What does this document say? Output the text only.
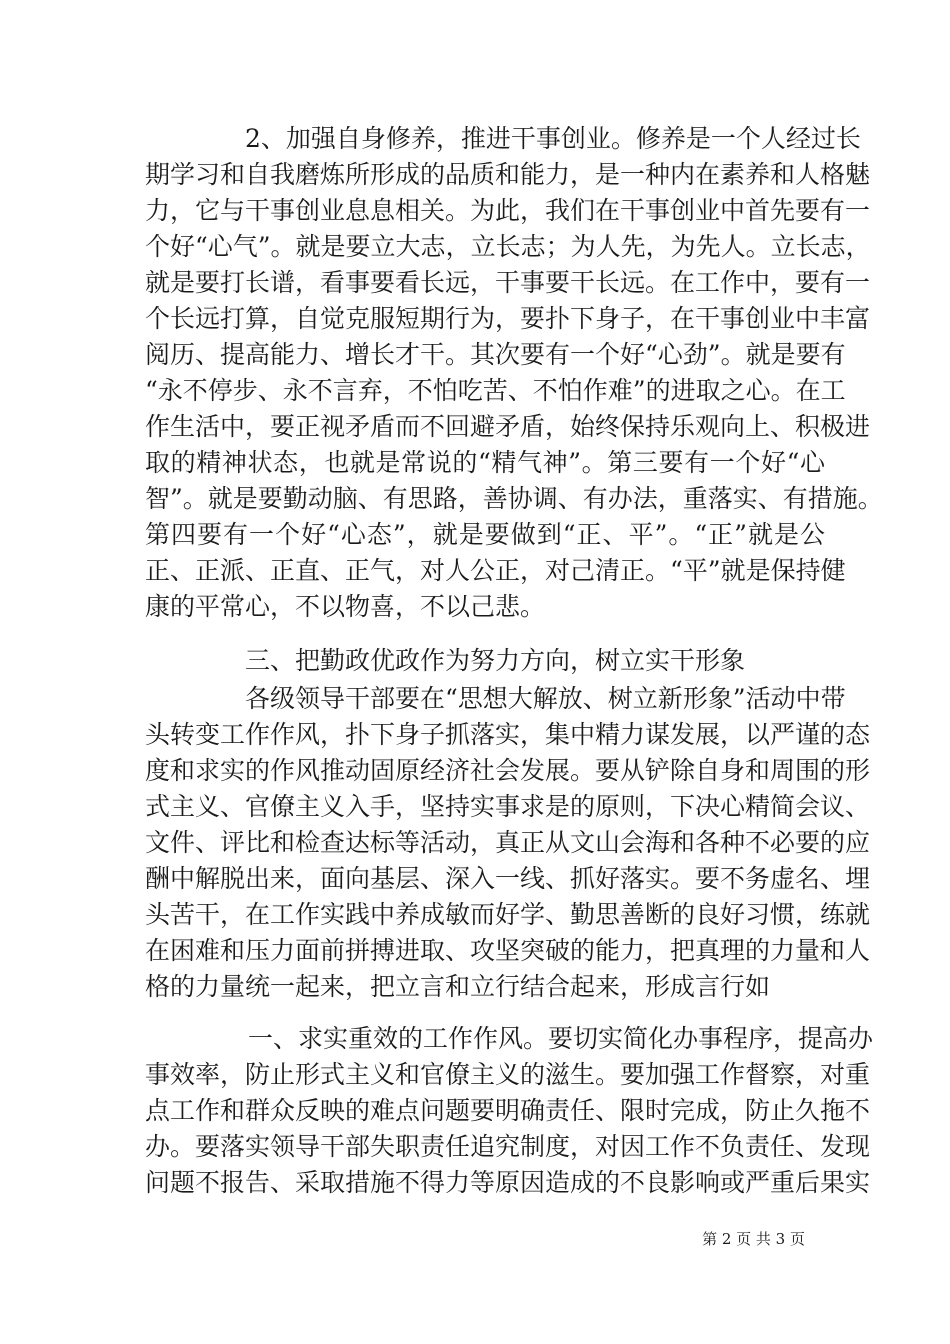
2、加强自身修养，推进干事创业。修养是一个人经过长
期学习和自我磨炼所形成的品质和能力，是一种内在素养和人格魅
力，它与干事创业息息相关。为此，我们在干事创业中首先要有一
个好“心气”。就是要立大志，立长志；为人先，为先人。立长志，
就是要打长谱，看事要看长远，干事要干长远。在工作中，要有一
个长远打算，自觉克服短期行为，要扑下身子，在干事创业中丰富
阅历、提高能力、增长才干。其次要有一个好“心劲”。就是要有
“永不停步、永不言弃，不怕吃苦、不怕作难”的进取之心。在工
作生活中，要正视矛盾而不回避矛盾，始终保持乐观向上、积极进
取的精神状态，也就是常说的“精气神”。第三要有一个好“心
智”。就是要勤动脑、有思路，善协调、有办法，重落实、有措施。
第四要有一个好“心态”，就是要做到“正、平”。“正”就是公
正、正派、正直、正气，对人公正，对己清正。“平”就是保持健
康的平常心，不以物喜，不以己悲。
三、把勤政优政作为努力方向，树立实干形象
各级领导干部要在“思想大解放、树立新形象”活动中带
头转变工作作风，扑下身子抓落实，集中精力谋发展，以严谨的态
度和求实的作风推动固原经济社会发展。要从铲除自身和周围的形
式主义、官僚主义入手，坚持实事求是的原则，下决心精简会议、
文件、评比和检查达标等活动，真正从文山会海和各种不必要的应
酬中解脱出来，面向基层、深入一线、抓好落实。要不务虚名、埋
头苦干，在工作实践中养成敏而好学、勤思善断的良好习惯，练就
在困难和压力面前拼搏进取、攻坚突破的能力，把真理的力量和人
格的力量统一起来，把立言和立行结合起来，形成言行如
一、求实重效的工作作风。要切实简化办事程序，提高办
事效率，防止形式主义和官僚主义的滋生。要加强工作督察，对重
点工作和群众反映的难点问题要明确责任、限时完成，防止久拖不
办。要落实领导干部失职责任追究制度，对因工作不负责任、发现
问题不报告、采取措施不得力等原因造成的不良影响或严重后果实
第 2 页 共 3 页
